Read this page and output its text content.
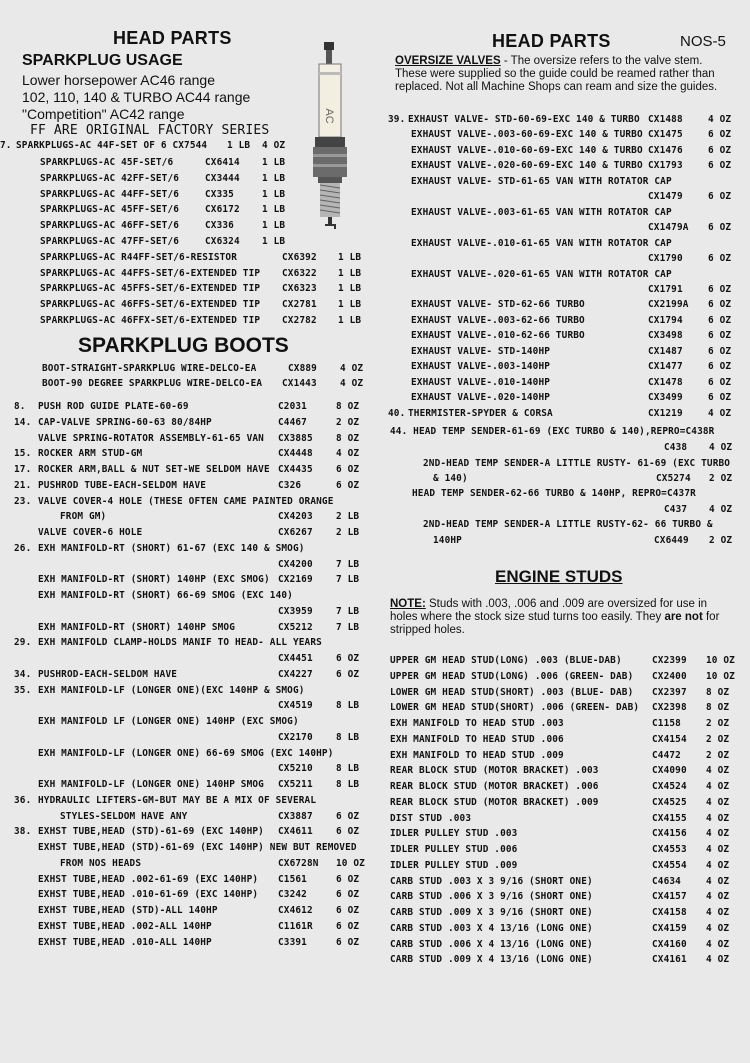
HEAD PARTS	HEAD PARTS	NOS-5
SPARKPLUG USAGE
Lower horsepower AC46 range
102, 110, 140 & TURBO AC44 range
"Competition" AC42 range
FF ARE ORIGINAL FACTORY SERIES
AC
7. SPARKPLUGS-AC 44F-SET OF 6 CX7544 1 LB 4 OZ
SPARKPLUGS-AC 45F-SET/6	CX6414 1 LB
SPARKPLUGS-AC 42FF-SET/6	CX3444 1 LB
SPARKPLUGS-AC 44FF-SET/6	CX335	1 LB
SPARKPLUGS-AC 45FF-SET/6	CX6172 1 LB
SPARKPLUGS-AC 46FF-SET/6	CX336	1 LB
SPARKPLUGS-AC 47FF-SET/6	CX6324 1 LB
SPARKPLUGS-AC R44FF-SET/6-RESISTOR	CX6392 1 LB
SPARKPLUGS-AC 44FFS-SET/6-EXTENDED TIP CX6322 1 LB
SPARKPLUGS-AC 45FFS-SET/6-EXTENDED TIP CX6323 1 LB
SPARKPLUGS-AC 46FFS-SET/6-EXTENDED TIP CX2781 1 LB
SPARKPLUGS-AC 46FFX-SET/6-EXTENDED TIP CX2782 1 LB
SPARKPLUG BOOTS
BOOT-STRAIGHT-SPARKPLUG WIRE-DELCO-EA	CX889 4 OZ
BOOT-90 DEGREE SPARKPLUG WIRE-DELCO-EA CX1443 4 OZ
8. PUSH ROD GUIDE PLATE-60-69	C2031	8 OZ
14. CAP-VALVE SPRING-60-63 80/84HP	C4467	2 OZ
VALVE SPRING-ROTATOR ASSEMBLY-61-65 VAN CX3885 8 OZ
15. ROCKER ARM STUD-GM	CX4448 4 OZ
17. ROCKER ARM,BALL & NUT SET-WE SELDOM HAVE CX4435 6 OZ
21. PUSHROD TUBE-EACH-SELDOM HAVE	C326	6 OZ
23. VALVE COVER-4 HOLE (THESE OFTEN CAME PAINTED ORANGE
FROM GM)	CX4203 2 LB
VALVE COVER-6 HOLE	CX6267 2 LB
26. EXH MANIFOLD-RT (SHORT) 61-67 (EXC 140 & SMOG)
CX4200 7 LB
EXH MANIFOLD-RT (SHORT) 140HP (EXC SMOG) CX2169 7 LB
EXH MANIFOLD-RT (SHORT) 66-69 SMOG (EXC 140)
CX3959 7 LB
EXH MANIFOLD-RT (SHORT) 140HP SMOG	CX5212 7 LB
29. EXH MANIFOLD CLAMP-HOLDS MANIF TO HEAD- ALL YEARS
CX4451 6 OZ
34. PUSHROD-EACH-SELDOM HAVE	CX4227 6 OZ
35. EXH MANIFOLD-LF (LONGER ONE)(EXC 140HP & SMOG)
CX4519 8 LB
EXH MANIFOLD LF (LONGER ONE) 140HP (EXC SMOG)
CX2170 8 LB
EXH MANIFOLD-LF (LONGER ONE) 66-69 SMOG (EXC 140HP)
CX5210 8 LB
EXH MANIFOLD-LF (LONGER ONE) 140HP SMOG CX5211 8 LB
36. HYDRAULIC LIFTERS-GM-BUT MAY BE A MIX OF SEVERAL
STYLES-SELDOM HAVE ANY	CX3887 6 OZ
38. EXHST TUBE,HEAD (STD)-61-69 (EXC 140HP) CX4611 6 OZ
EXHST TUBE,HEAD (STD)-61-69 (EXC 140HP) NEW BUT REMOVED
FROM NOS HEADS	CX6728N 10 OZ
EXHST TUBE,HEAD .002-61-69 (EXC 140HP) C1561	6 OZ
EXHST TUBE,HEAD .010-61-69 (EXC 140HP) C3242	6 OZ
EXHST TUBE,HEAD (STD)-ALL 140HP	CX4612 6 OZ
EXHST TUBE,HEAD .002-ALL 140HP	C1161R 6 OZ
EXHST TUBE,HEAD .010-ALL 140HP	C3391	6 OZ
OVERSIZE VALVES - The oversize refers to the valve stem. These were supplied so the guide could be reamed rather than replaced. Not all Machine Shops can ream and size the guides.
39. EXHAUST VALVE- STD-60-69-EXC 140 & TURBO CX1488	4 OZ
EXHAUST VALVE-.003-60-69-EXC 140 & TURBO CX1475	6 OZ
EXHAUST VALVE-.010-60-69-EXC 140 & TURBO CX1476	6 OZ
EXHAUST VALVE-.020-60-69-EXC 140 & TURBO CX1793	6 OZ
EXHAUST VALVE- STD-61-65 VAN WITH ROTATOR CAP
CX1479	6 OZ
EXHAUST VALVE-.003-61-65 VAN WITH ROTATOR CAP
CX1479A 6 OZ
EXHAUST VALVE-.010-61-65 VAN WITH ROTATOR CAP
CX1790	6 OZ
EXHAUST VALVE-.020-61-65 VAN WITH ROTATOR CAP
CX1791	6 OZ
EXHAUST VALVE- STD-62-66 TURBO	CX2199A 6 OZ
EXHAUST VALVE-.003-62-66 TURBO	CX1794	6 OZ
EXHAUST VALVE-.010-62-66 TURBO	CX3498	6 OZ
EXHAUST VALVE- STD-140HP	CX1487	6 OZ
EXHAUST VALVE-.003-140HP	CX1477	6 OZ
EXHAUST VALVE-.010-140HP	CX1478	6 OZ
EXHAUST VALVE-.020-140HP	CX3499	6 OZ
40. THERMISTER-SPYDER & CORSA	CX1219	4 OZ
44. HEAD TEMP SENDER-61-69 (EXC TURBO & 140),REPRO=C438R
C438 4 OZ
2ND-HEAD TEMP SENDER-A LITTLE RUSTY- 61-69 (EXC TURBO
& 140)	CX5274 2 OZ
HEAD TEMP SENDER-62-66 TURBO & 140HP, REPRO=C437R
C437 4 OZ
2ND-HEAD TEMP SENDER-A LITTLE RUSTY-62- 66 TURBO &
140HP	CX6449 2 OZ
ENGINE STUDS
NOTE: Studs with .003, .006 and .009 are oversized for use in holes where the stock size stud turns too easily. They are not for stripped holes.
UPPER GM HEAD STUD(LONG) .003 (BLUE-DAB)	CX2399 10 OZ
UPPER GM HEAD STUD(LONG) .006 (GREEN- DAB) CX2400 10 OZ
LOWER GM HEAD STUD(SHORT) .003 (BLUE- DAB) CX2397 8 OZ
LOWER GM HEAD STUD(SHORT) .006 (GREEN- DAB) CX2398 8 OZ
EXH MANIFOLD TO HEAD STUD .003	C1158	2 OZ
EXH MANIFOLD TO HEAD STUD .006	CX4154 2 OZ
EXH MANIFOLD TO HEAD STUD .009	C4472	2 OZ
REAR BLOCK STUD (MOTOR BRACKET) .003	CX4090 4 OZ
REAR BLOCK STUD (MOTOR BRACKET) .006	CX4524 4 OZ
REAR BLOCK STUD (MOTOR BRACKET) .009	CX4525 4 OZ
DIST STUD .003	CX4155 4 OZ
IDLER PULLEY STUD .003	CX4156 4 OZ
IDLER PULLEY STUD .006	CX4553 4 OZ
IDLER PULLEY STUD .009	CX4554 4 OZ
CARB STUD .003 X 3 9/16 (SHORT ONE)	C4634	4 OZ
CARB STUD .006 X 3 9/16 (SHORT ONE)	CX4157 4 OZ
CARB STUD .009 X 3 9/16 (SHORT ONE)	CX4158 4 OZ
CARB STUD .003 X 4 13/16 (LONG ONE)	CX4159 4 OZ
CARB STUD .006 X 4 13/16 (LONG ONE)	CX4160 4 OZ
CARB STUD .009 X 4 13/16 (LONG ONE)	CX4161 4 OZ
